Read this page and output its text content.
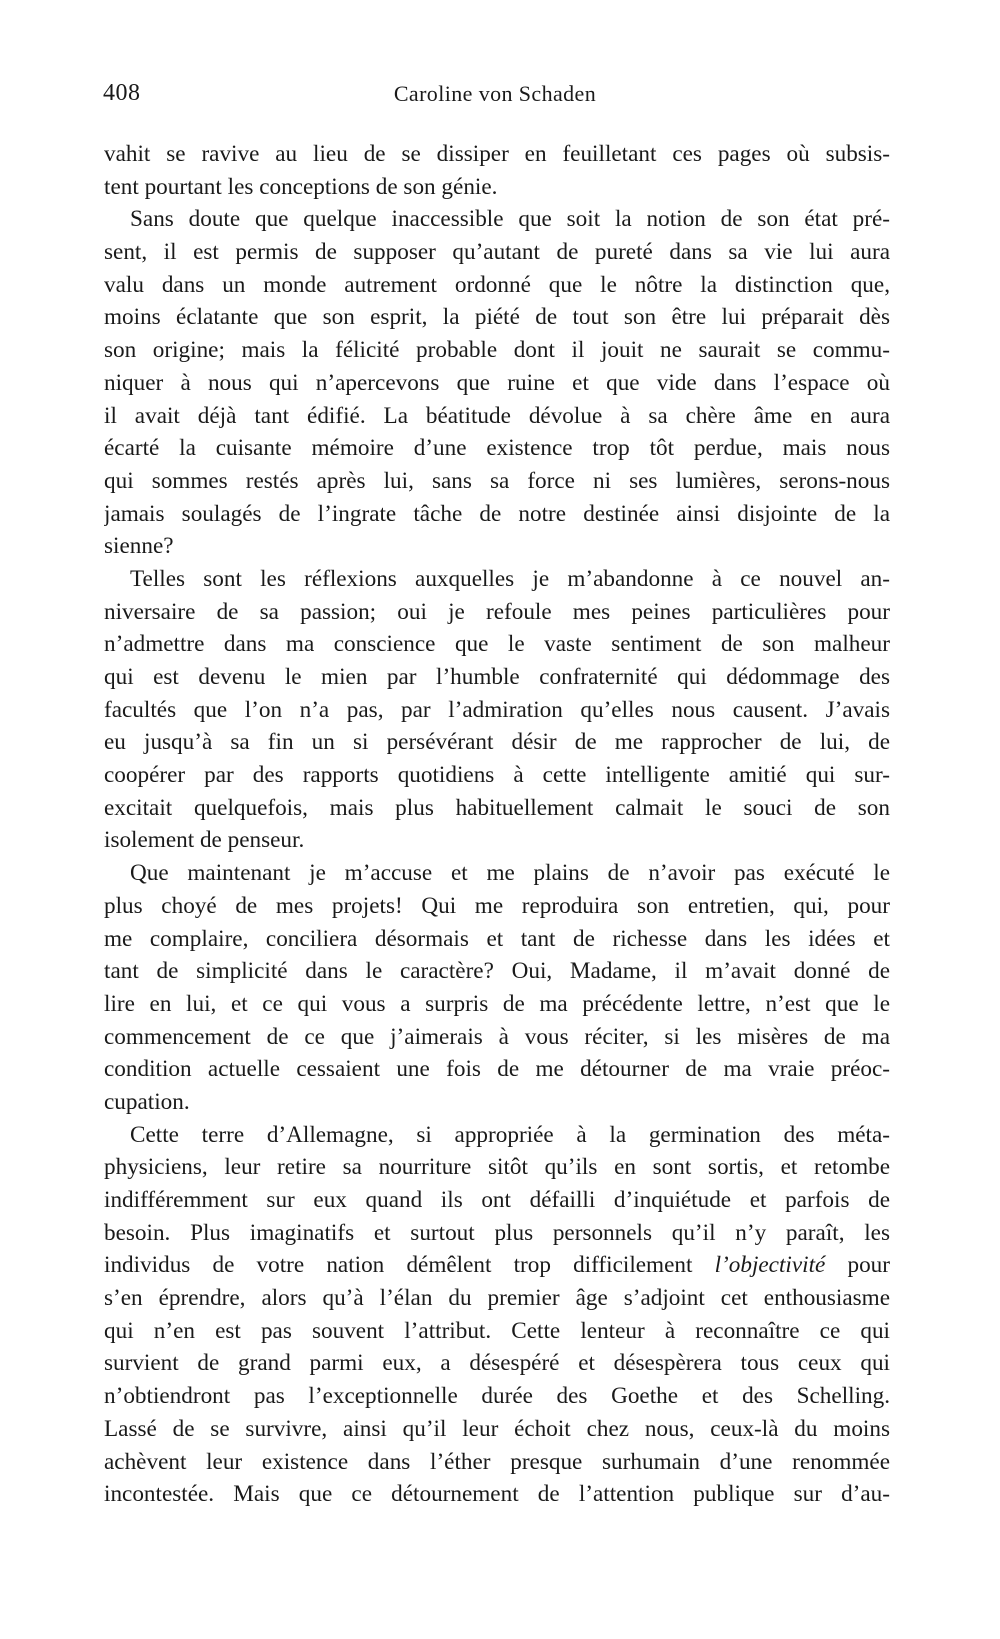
408	Caroline von Schaden
vahit se ravive au lieu de se dissiper en feuilletant ces pages où subsis-
tent pourtant les conceptions de son génie.
Sans doute que quelque inaccessible que soit la notion de son état pré-
sent, il est permis de supposer qu’autant de pureté dans sa vie lui aura
valu dans un monde autrement ordonné que le nôtre la distinction que,
moins éclatante que son esprit, la piété de tout son être lui préparait dès
son origine; mais la félicité probable dont il jouit ne saurait se commu-
niquer à nous qui n’apercevons que ruine et que vide dans l’espace où
il avait déjà tant édifié. La béatitude dévolue à sa chère âme en aura
écarté la cuisante mémoire d’une existence trop tôt perdue, mais nous
qui sommes restés après lui, sans sa force ni ses lumières, serons-nous
jamais soulagés de l’ingrate tâche de notre destinée ainsi disjointe de la
sienne?
Telles sont les réflexions auxquelles je m’abandonne à ce nouvel an-
niversaire de sa passion; oui je refoule mes peines particulières pour
n’admettre dans ma conscience que le vaste sentiment de son malheur
qui est devenu le mien par l’humble confraternité qui dédommage des
facultés que l’on n’a pas, par l’admiration qu’elles nous causent. J’avais
eu jusqu’à sa fin un si persévérant désir de me rapprocher de lui, de
coopérer par des rapports quotidiens à cette intelligente amitié qui sur-
excitait quelquefois, mais plus habituellement calmait le souci de son
isolement de penseur.
Que maintenant je m’accuse et me plains de n’avoir pas exécuté le
plus choyé de mes projets! Qui me reproduira son entretien, qui, pour
me complaire, conciliera désormais et tant de richesse dans les idées et
tant de simplicité dans le caractère? Oui, Madame, il m’avait donné de
lire en lui, et ce qui vous a surpris de ma précédente lettre, n’est que le
commencement de ce que j’aimerais à vous réciter, si les misères de ma
condition actuelle cessaient une fois de me détourner de ma vraie préoc-
cupation.
Cette terre d’Allemagne, si appropriée à la germination des méta-
physiciens, leur retire sa nourriture sitôt qu’ils en sont sortis, et retombe
indifféremment sur eux quand ils ont défailli d’inquiétude et parfois de
besoin. Plus imaginatifs et surtout plus personnels qu’il n’y paraît, les
individus de votre nation démêlent trop difficilement l’objectivité pour
s’en éprendre, alors qu’à l’élan du premier âge s’adjoint cet enthousiasme
qui n’en est pas souvent l’attribut. Cette lenteur à reconnaître ce qui
survient de grand parmi eux, a désespéré et désespèrera tous ceux qui
n’obtiendront pas l’exceptionnelle durée des Goethe et des Schelling.
Lassé de se survivre, ainsi qu’il leur échoit chez nous, ceux-là du moins
achèvent leur existence dans l’éther presque surhumain d’une renommée
incontestée. Mais que ce détournement de l’attention publique sur d’au-
